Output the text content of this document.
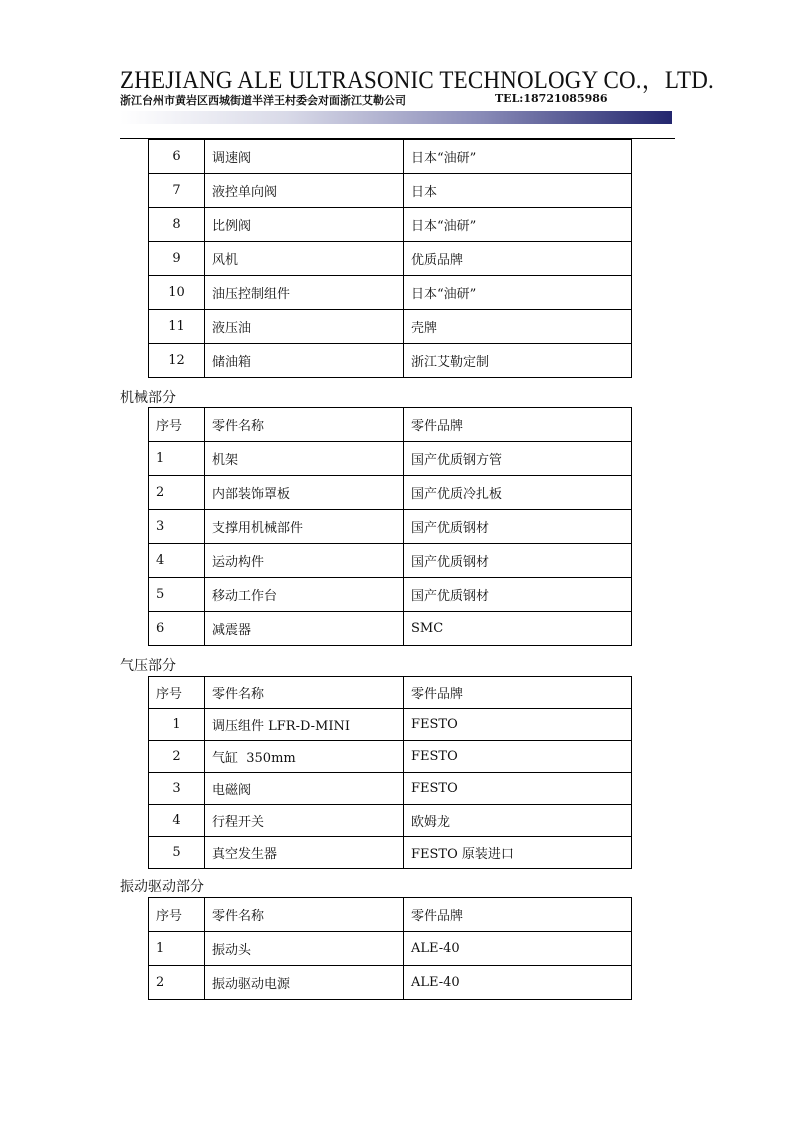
ZHEJIANG ALE ULTRASONIC TECHNOLOGY CO.，LTD.
浙江台州市黄岩区西城街道半洋王村委会对面浙江艾勒公司	TEL:18721085986
6	调速阀	日本“油研”
7	液控单向阀	日本
8	比例阀	日本“油研”
9	风机	优质品牌
10	油压控制组件	日本“油研”
11	液压油	壳牌
12	储油箱	浙江艾勒定制
机械部分
序号	零件名称	零件品牌
1	机架	国产优质钢方管
2	内部装饰罩板	国产优质冷扎板
3	支撑用机械部件	国产优质钢材
4	运动构件	国产优质钢材
5	移动工作台	国产优质钢材
6	减震器	SMC
气压部分
序号	零件名称	零件品牌
1	调压组件 LFR-D-MINI	FESTO
2	气缸  350mm	FESTO
3	电磁阀	FESTO
4	行程开关	欧姆龙
5	真空发生器	FESTO 原装进口
振动驱动部分
序号	零件名称	零件品牌
1	振动头	ALE-40
2	振动驱动电源	ALE-40
